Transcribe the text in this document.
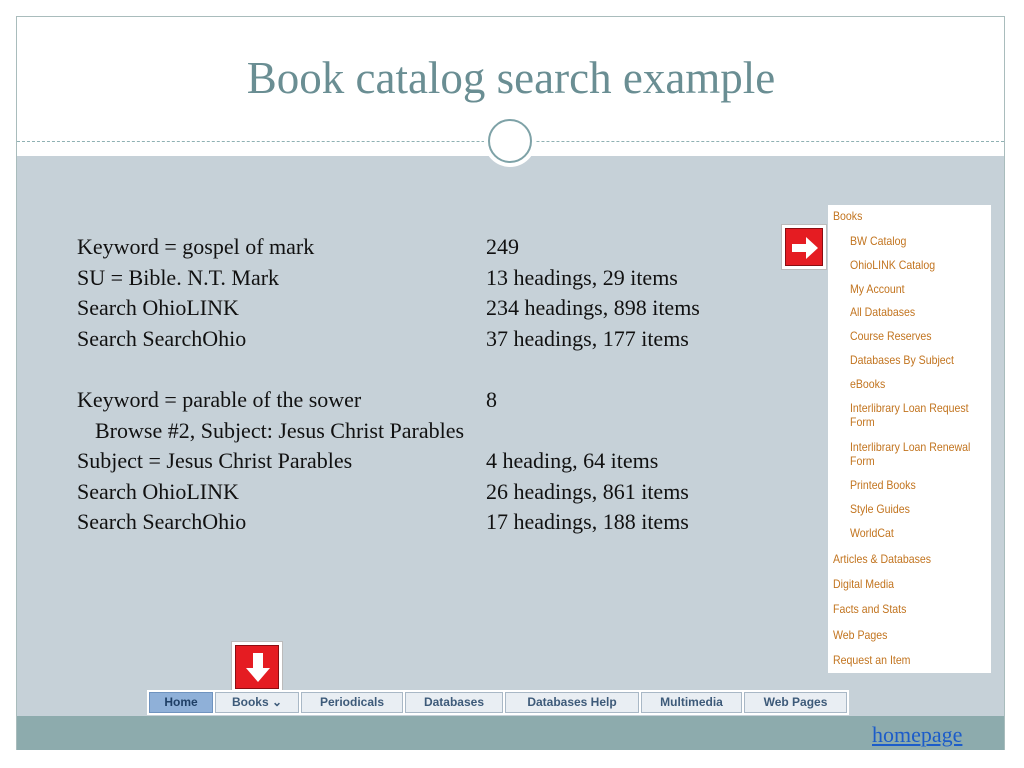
Book catalog search example
Keyword = gospel of mark	249
SU = Bible. N.T. Mark	13 headings, 29 items
Search OhioLINK	234 headings, 898 items
Search SearchOhio	37 headings, 177 items
Keyword = parable of the sower	8
Browse #2, Subject: Jesus Christ Parables
Subject = Jesus Christ Parables	4 heading, 64 items
Search OhioLINK	26 headings, 861 items
Search SearchOhio	17 headings, 188 items
Books
BW Catalog
OhioLINK Catalog
My Account
All Databases
Course Reserves
Databases By Subject
eBooks
Interlibrary Loan Request Form
Interlibrary Loan Renewal Form
Printed Books
Style Guides
WorldCat
Articles & Databases
Digital Media
Facts and Stats
Web Pages
Request an Item
Home	Books ⌄	Periodicals	Databases	Databases Help	Multimedia	Web Pages
homepage
